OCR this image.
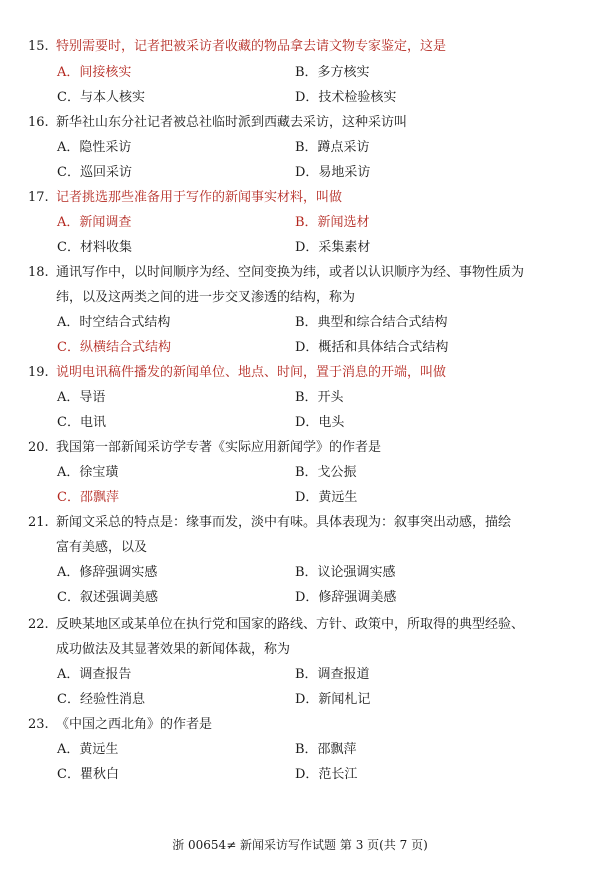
15. 特别需要时，记者把被采访者收藏的物品拿去请文物专家鉴定，这是
A．间接核实	B．多方核实
C．与本人核实	D．技术检验核实
16. 新华社山东分社记者被总社临时派到西藏去采访，这种采访叫
A．隐性采访	B．蹲点采访
C．巡回采访	D．易地采访
17. 记者挑选那些准备用于写作的新闻事实材料，叫做
A．新闻调查	B．新闻选材
C．材料收集	D．采集素材
18. 通讯写作中，以时间顺序为经、空间变换为纬，或者以认识顺序为经、事物性质为
纬，以及这两类之间的进一步交叉渗透的结构，称为
A．时空结合式结构	B．典型和综合结合式结构
C．纵横结合式结构	D．概括和具体结合式结构
19. 说明电讯稿件播发的新闻单位、地点、时间，置于消息的开端，叫做
A．导语	B．开头
C．电讯	D．电头
20. 我国第一部新闻采访学专著《实际应用新闻学》的作者是
A．徐宝璜	B．戈公振
C．邵飘萍	D．黄远生
21. 新闻文采总的特点是：缘事而发，淡中有味。具体表现为：叙事突出动感，描绘
富有美感，以及
A．修辞强调实感	B．议论强调实感
C．叙述强调美感	D．修辞强调美感
22. 反映某地区或某单位在执行党和国家的路线、方针、政策中，所取得的典型经验、
成功做法及其显著效果的新闻体裁，称为
A．调查报告	B．调查报道
C．经验性消息	D．新闻札记
23. 《中国之西北角》的作者是
A．黄远生	B．邵飘萍
C．瞿秋白	D．范长江
浙 00654≠ 新闻采访写作试题 第 3 页(共 7 页)
